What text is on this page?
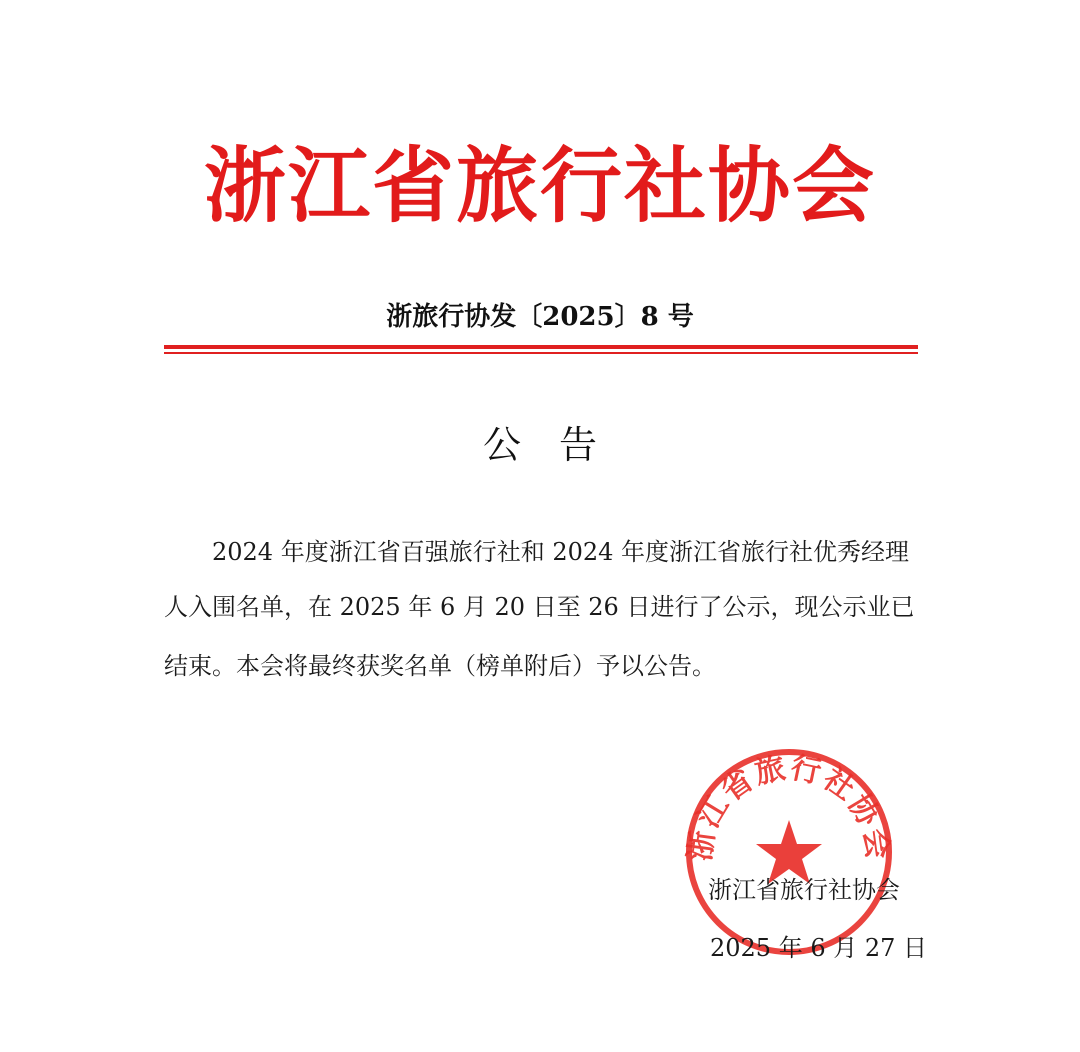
浙江省旅行社协会
浙旅行协发〔2025〕8 号
公　告
2024 年度浙江省百强旅行社和 2024 年度浙江省旅行社优秀经理
人入围名单，在 2025 年 6 月 20 日至 26 日进行了公示，现公示业已
结束。本会将最终获奖名单（榜单附后）予以公告。
浙江省旅行社协会
浙江省旅行社协会
2025 年 6 月 27 日
